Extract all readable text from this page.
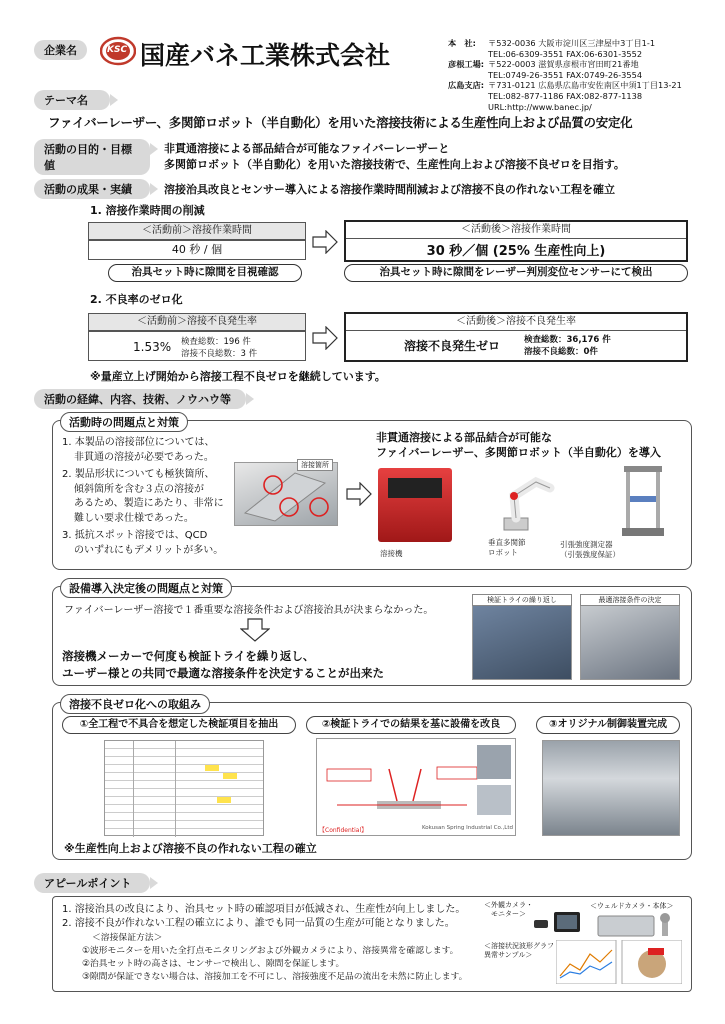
企業名	KSC 国産バネ工業株式会社	本　社:	〒532-0036 大阪市淀川区三津屋中3丁目1-1
TEL:06-6309-3551 FAX:06-6301-3552
彦根工場: 〒522-0003 滋賀県彦根市宮田町21番地
TEL:0749-26-3551 FAX:0749-26-3554
広島支店: 〒731-0121 広島県広島市安佐南区中須1丁目13-21
TEL:082-877-1186 FAX:082-877-1138
URL:http://www.banec.jp/
テーマ名
ファイバーレーザー、多関節ロボット（半自動化）を用いた溶接技術による生産性向上および品質の安定化
活動の目的・目標値
非貫通溶接による部品結合が可能なファイバーレーザーと
多関節ロボット（半自動化）を用いた溶接技術で、生産性向上および溶接不良ゼロを目指す。
活動の成果・実績	溶接治具改良とセンサー導入による溶接作業時間削減および溶接不良の作れない工程を確立
1. 溶接作業時間の削減
＜活動前＞溶接作業時間
40 秒 / 個
＜活動後＞溶接作業時間
30 秒／個 (25% 生産性向上)
治具セット時に隙間を目視確認	治具セット時に隙間をレーザー判別変位センサーにて検出
2. 不良率のゼロ化
＜活動前＞溶接不良発生率
1.53% 検査総数：196 件
溶接不良総数：3 件
＜活動後＞溶接不良発生率
溶接不良発生ゼロ	検査総数：36,176 件
溶接不良総数：0件
※量産立上げ開始から溶接工程不良ゼロを継続しています。
活動の経緯、内容、技術、ノウハウ等
活動時の問題点と対策
1. 本製品の溶接部位については、
非貫通の溶接が必要であった。
2. 製品形状についても極狭箇所、
傾斜箇所を含む３点の溶接が
あるため、製造にあたり、非常に
難しい要求仕様であった。
3. 抵抗スポット溶接では、QCD
のいずれにもデメリットが多い。
溶接箇所
非貫通溶接による部品結合が可能な
ファイバーレーザー、多関節ロボット（半自動化）を導入
溶接機
垂直多関節
ロボット
引張強度測定器
（引張強度保証）
設備導入決定後の問題点と対策
ファイバーレーザー溶接で１番重要な溶接条件および溶接治具が決まらなかった。
溶接機メーカーで何度も検証トライを繰り返し、
ユーザー様との共同で最適な溶接条件を決定することが出来た
検証トライの繰り返し	最適溶接条件の決定
溶接不良ゼロ化への取組み
①全工程で不具合を想定した検証項目を抽出	②検証トライでの結果を基に設備を改良	③オリジナル制御装置完成
【Confidential】	Kokusan Spring Industrial Co.,Ltd
※生産性向上および溶接不良の作れない工程の確立
アピールポイント
1. 溶接治具の改良により、治具セット時の確認項目が低減され、生産性が向上しました。
2. 溶接不良が作れない工程の確立により、誰でも同一品質の生産が可能となりました。
＜溶接保証方法＞
①波形モニターを用いた全打点モニタリングおよび外観カメラにより、溶接異常を確認します。
②治具セット時の高さは、センサーで検出し、隙間を保証します。
③隙間が保証できない場合は、溶接加工を不可にし、溶接強度不足品の流出を未然に防止します。
＜外観カメラ・
モニター＞
＜ウェルドカメラ・本体＞
＜溶接状況波形グラフ
異常サンプル＞
